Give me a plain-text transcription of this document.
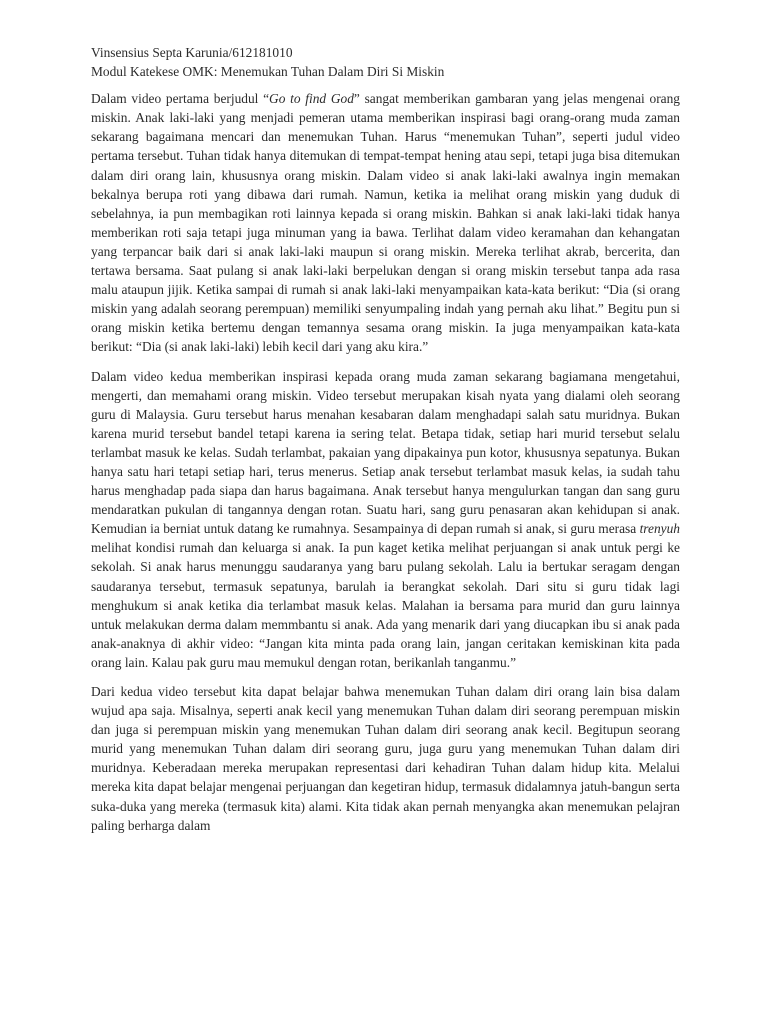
Vinsensius Septa Karunia/612181010

Modul Katekese OMK: Menemukan Tuhan Dalam Diri Si Miskin

Dalam video pertama berjudul “Go to find God” sangat memberikan gambaran yang jelas mengenai orang miskin. Anak laki-laki yang menjadi pemeran utama memberikan inspirasi bagi orang-orang muda zaman sekarang bagaimana mencari dan menemukan Tuhan. Harus “menemukan Tuhan”, seperti judul video pertama tersebut. Tuhan tidak hanya ditemukan di tempat-tempat hening atau sepi, tetapi juga bisa ditemukan dalam diri orang lain, khususnya orang miskin. Dalam video si anak laki-laki awalnya ingin memakan bekalnya berupa roti yang dibawa dari rumah. Namun, ketika ia melihat orang miskin yang duduk di sebelahnya, ia pun membagikan roti lainnya kepada si orang miskin. Bahkan si anak laki-laki tidak hanya memberikan roti saja tetapi juga minuman yang ia bawa. Terlihat dalam video keramahan dan kehangatan yang terpancar baik dari si anak laki-laki maupun si orang miskin. Mereka terlihat akrab, bercerita, dan tertawa bersama. Saat pulang si anak laki-laki berpelukan dengan si orang miskin tersebut tanpa ada rasa malu ataupun jijik. Ketika sampai di rumah si anak laki-laki menyampaikan kata-kata berikut: “Dia (si orang miskin yang adalah seorang perempuan) memiliki senyumpaling indah yang pernah aku lihat.” Begitu pun si orang miskin ketika bertemu dengan temannya sesama orang miskin. Ia juga menyampaikan kata-kata berikut: “Dia (si anak laki-laki) lebih kecil dari yang aku kira.”

Dalam video kedua memberikan inspirasi kepada orang muda zaman sekarang bagiamana mengetahui, mengerti, dan memahami orang miskin. Video tersebut merupakan kisah nyata yang dialami oleh seorang guru di Malaysia. Guru tersebut harus menahan kesabaran dalam menghadapi salah satu muridnya. Bukan karena murid tersebut bandel tetapi karena ia sering telat. Betapa tidak, setiap hari murid tersebut selalu terlambat masuk ke kelas. Sudah terlambat, pakaian yang dipakainya pun kotor, khususnya sepatunya. Bukan hanya satu hari tetapi setiap hari, terus menerus. Setiap anak tersebut terlambat masuk kelas, ia sudah tahu harus menghadap pada siapa dan harus bagaimana. Anak tersebut hanya mengulurkan tangan dan sang guru mendaratkan pukulan di tangannya dengan rotan. Suatu hari, sang guru penasaran akan kehidupan si anak. Kemudian ia berniat untuk datang ke rumahnya. Sesampainya di depan rumah si anak, si guru merasa trenyuh melihat kondisi rumah dan keluarga si anak. Ia pun kaget ketika melihat perjuangan si anak untuk pergi ke sekolah. Si anak harus menunggu saudaranya yang baru pulang sekolah. Lalu ia bertukar seragam dengan saudaranya tersebut, termasuk sepatunya, barulah ia berangkat sekolah. Dari situ si guru tidak lagi menghukum si anak ketika dia terlambat masuk kelas. Malahan ia bersama para murid dan guru lainnya untuk melakukan derma dalam memmbantu si anak. Ada yang menarik dari yang diucapkan ibu si anak pada anak-anaknya di akhir video: “Jangan kita minta pada orang lain, jangan ceritakan kemiskinan kita pada orang lain. Kalau pak guru mau memukul dengan rotan, berikanlah tanganmu.”

Dari kedua video tersebut kita dapat belajar bahwa menemukan Tuhan dalam diri orang lain bisa dalam wujud apa saja. Misalnya, seperti anak kecil yang menemukan Tuhan dalam diri seorang perempuan miskin dan juga si perempuan miskin yang menemukan Tuhan dalam diri seorang anak kecil. Begitupun seorang murid yang menemukan Tuhan dalam diri seorang guru, juga guru yang menemukan Tuhan dalam diri muridnya. Keberadaan mereka merupakan representasi dari kehadiran Tuhan dalam hidup kita. Melalui mereka kita dapat belajar mengenai perjuangan dan kegetiran hidup, termasuk didalamnya jatuh-bangun serta suka-duka yang mereka (termasuk kita) alami. Kita tidak akan pernah menyangka akan menemukan pelajran paling berharga dalam
